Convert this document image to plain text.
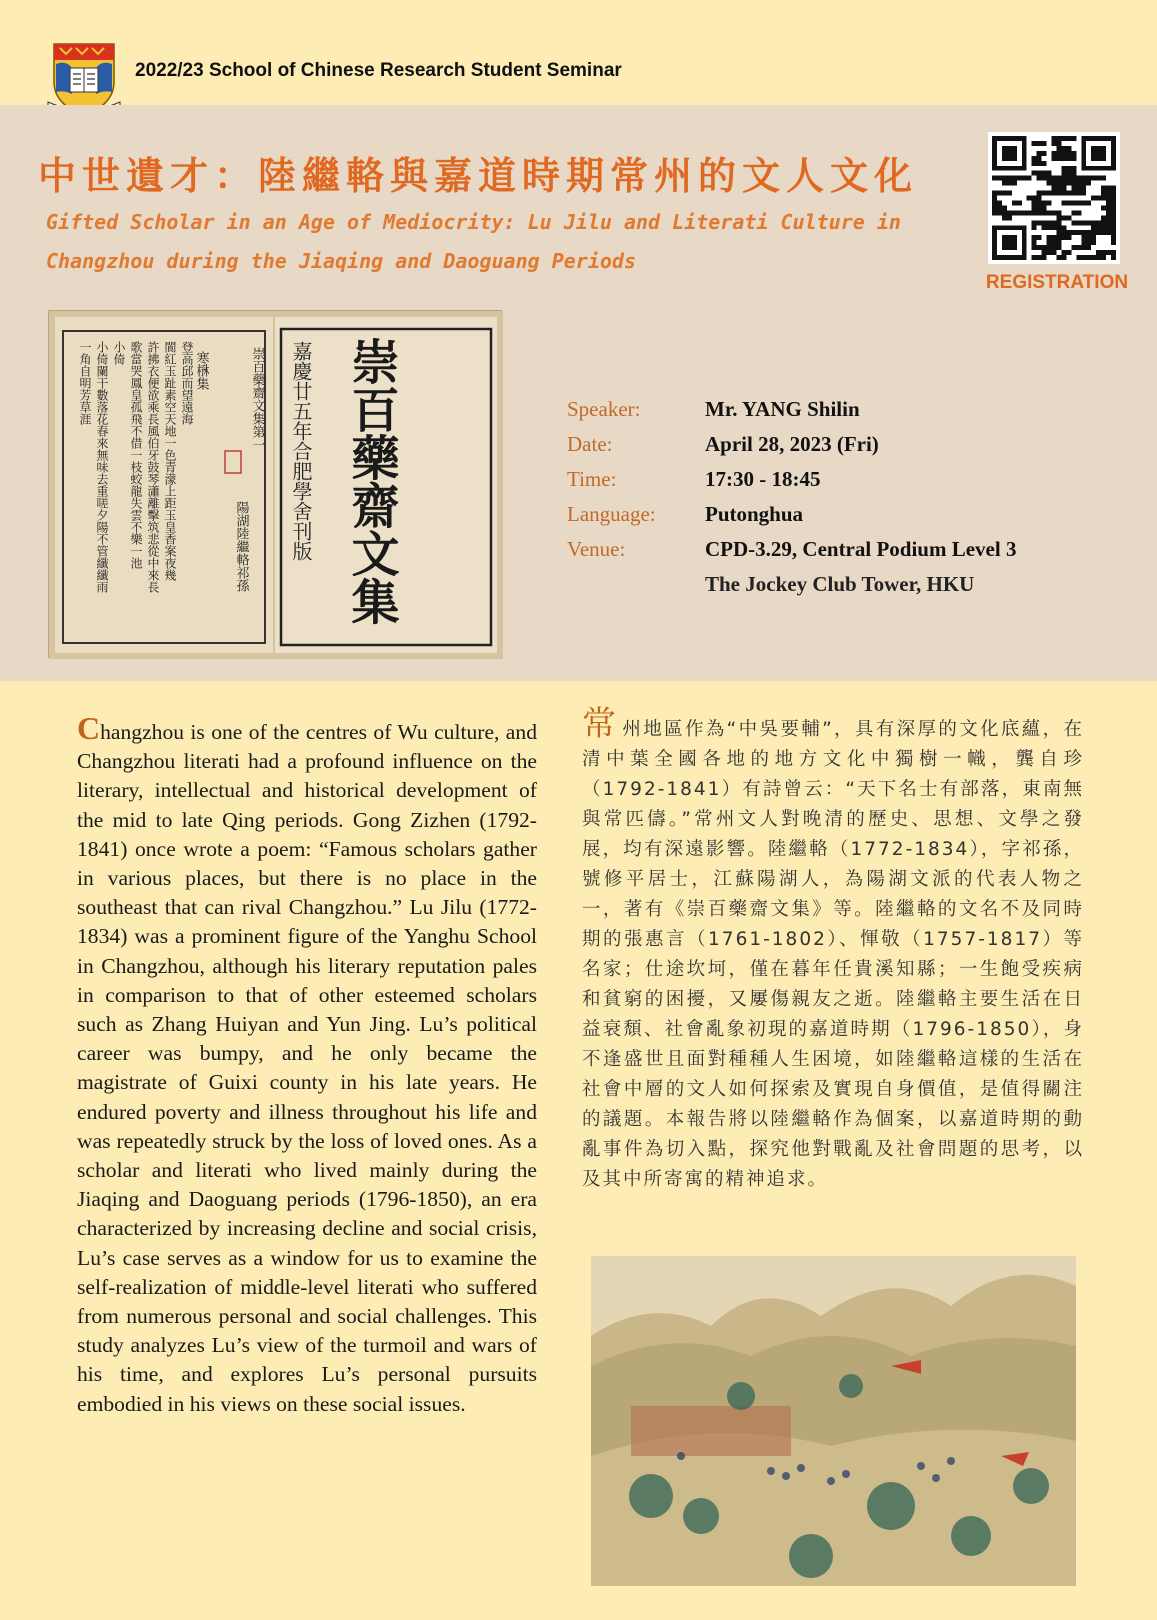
2022/23 School of Chinese Research Student Seminar
中世遺才：陸繼輅與嘉道時期常州的文人文化
Gifted Scholar in an Age of Mediocrity: Lu Jilu and Literati Culture in Changzhou during the Jiaqing and Daoguang Periods
REGISTRATION
登高邱而望遠海
閬紅玉趾素空天地一色青濛上距玉皇香案夜幾
許拂衣便欲乘長風伯牙鼓琴瀟離擊筑悲從中來長
歌當哭鳳皇孤飛不借一枝蛟龍失雲不樂一池
小倚
小倚闌干數落花春來無味去重嗟夕陽不管纖纖雨
一角自明芳草涯	寒㮊集	崇百藥齋文集第一
陽湖陸繼輅祁孫 嘉慶廿五年合肥學舍刊版 崇百藥齋文集	Speaker:	Mr. YANG Shilin
Date:	April 28, 2023 (Fri)
Time:	17:30 - 18:45
Language:	Putonghua
Venue:	CPD-3.29, Central Podium Level 3
The Jockey Club Tower, HKU
Changzhou is one of the centres of Wu culture, and Changzhou literati had a profound influence on the literary, intellectual and historical development of the mid to late Qing periods. Gong Zizhen (1792-1841) once wrote a poem: “Famous scholars gather in various places, but there is no place in the southeast that can rival Changzhou.” Lu Jilu (1772-1834) was a prominent figure of the Yanghu School in Changzhou, although his literary reputation pales in comparison to that of other esteemed scholars such as Zhang Huiyan and Yun Jing. Lu’s political career was bumpy, and he only became the magistrate of Guixi county in his late years. He endured poverty and illness throughout his life and was repeatedly struck by the loss of loved ones. As a scholar and literati who lived mainly during the Jiaqing and Daoguang periods (1796-1850), an era characterized by increasing decline and social crisis, Lu’s case serves as a window for us to examine the self-realization of middle-level literati who suffered from numerous personal and social challenges. This study analyzes Lu’s view of the turmoil and wars of his time, and explores Lu’s personal pursuits embodied in his views on these social issues.
常州地區作為“中吳要輔”，具有深厚的文化底蘊，在清中葉全國各地的地方文化中獨樹一幟，龔自珍（1792-1841）有詩曾云：“天下名士有部落，東南無與常匹儔。”常州文人對晚清的歷史、思想、文學之發展，均有深遠影響。陸繼輅（1772-1834），字祁孫，號修平居士，江蘇陽湖人，為陽湖文派的代表人物之一，著有《崇百藥齋文集》等。陸繼輅的文名不及同時期的張惠言（1761-1802）、惲敬（1757-1817）等名家；仕途坎坷，僅在暮年任貴溪知縣；一生飽受疾病和貧窮的困擾，又屢傷親友之逝。陸繼輅主要生活在日益衰頹、社會亂象初現的嘉道時期（1796-1850），身不逢盛世且面對種種人生困境，如陸繼輅這樣的生活在社會中層的文人如何探索及實現自身價值，是值得關注的議題。本報告將以陸繼輅作為個案，以嘉道時期的動亂事件為切入點，探究他對戰亂及社會問題的思考，以及其中所寄寓的精神追求。
